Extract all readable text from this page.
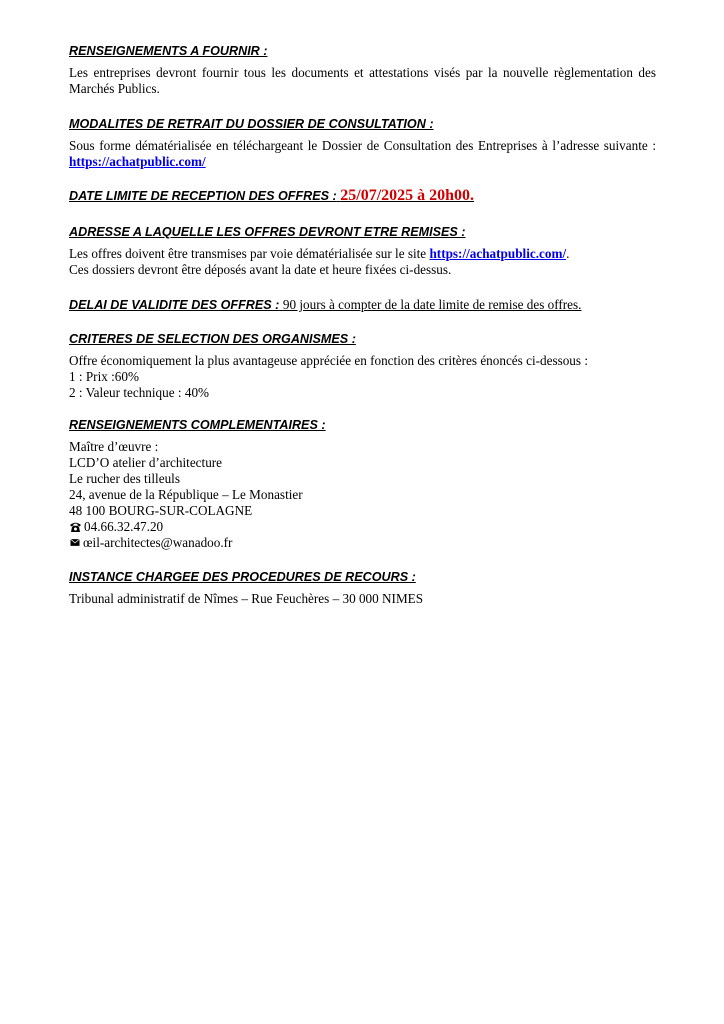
RENSEIGNEMENTS A FOURNIR :
Les entreprises devront fournir tous les documents et attestations visés par la nouvelle règlementation des Marchés Publics.
MODALITES DE RETRAIT DU DOSSIER DE CONSULTATION :
Sous forme dématérialisée en téléchargeant le Dossier de Consultation des Entreprises à l’adresse suivante : https://achatpublic.com/
DATE LIMITE DE RECEPTION DES OFFRES : 25/07/2025 à 20h00.
ADRESSE A LAQUELLE LES OFFRES DEVRONT ETRE REMISES :
Les offres doivent être transmises par voie dématérialisée sur le site https://achatpublic.com/.
Ces dossiers devront être déposés avant la date et heure fixées ci-dessus.
DELAI DE VALIDITE DES OFFRES : 90 jours à compter de la date limite de remise des offres.
CRITERES DE SELECTION DES ORGANISMES :
Offre économiquement la plus avantageuse appréciée en fonction des critères énoncés ci-dessous :
1 : Prix :60%
2 : Valeur technique : 40%
RENSEIGNEMENTS COMPLEMENTAIRES :
Maître d’œuvre :
LCD’O atelier d’architecture
Le rucher des tilleuls
24, avenue de la République – Le Monastier
48 100 BOURG-SUR-COLAGNE
04.66.32.47.20
œil-architectes@wanadoo.fr
INSTANCE CHARGEE DES PROCEDURES DE RECOURS :
Tribunal administratif de Nîmes – Rue Feuchères – 30 000 NIMES
